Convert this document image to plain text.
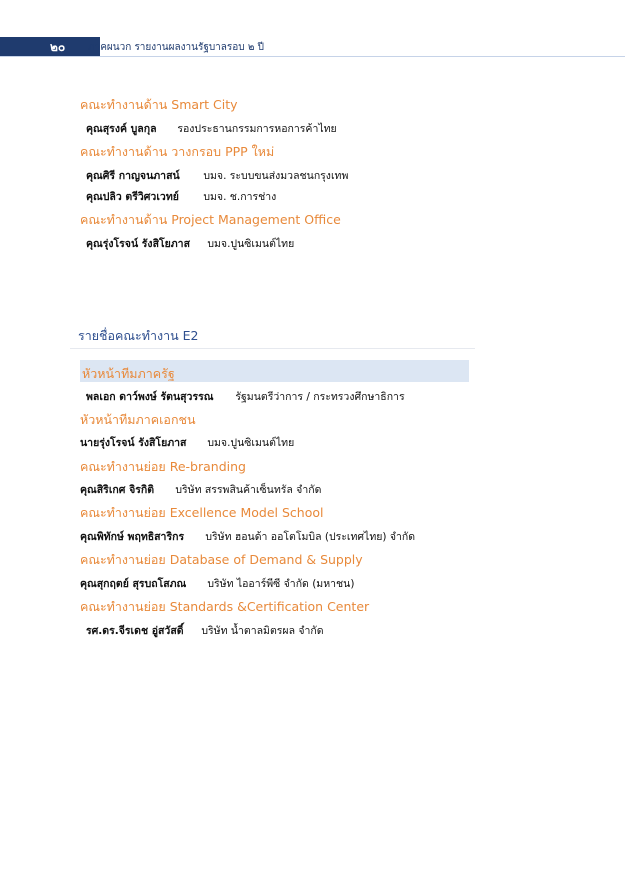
๒๐ ภาคผนวก รายงานผลงานรัฐบาลรอบ ๒ ปี
คณะทำงานด้าน Smart City
คุณสุรงค์ บูลกุล รองประธานกรรมการหอการค้าไทย
คณะทำงานด้าน วางกรอบ PPP ใหม่
คุณศิรี กาญจนภาสน์ บมจ. ระบบขนส่งมวลชนกรุงเทพ
คุณปลิว ตรีวิศวเวทย์ บมจ. ช.การช่าง
คณะทำงานด้าน Project Management Office
คุณรุ่งโรจน์ รังสิโยภาส บมจ.ปูนซิเมนต์ไทย
รายชื่อคณะทำงาน E2
หัวหน้าทีมภาครัฐ
พลเอก ดาว์พงษ์ รัตนสุวรรณ รัฐมนตรีว่าการ / กระทรวงศึกษาธิการ
หัวหน้าทีมภาคเอกชน
นายรุ่งโรจน์ รังสิโยภาส บมจ.ปูนซิเมนต์ไทย
คณะทำงานย่อย Re-branding
คุณสิริเกศ จิรกิติ บริษัท สรรพสินค้าเซ็นทรัล จำกัด
คณะทำงานย่อย Excellence Model School
คุณพิทักษ์ พฤทธิสาริกร บริษัท ฮอนด้า ออโตโมบิล (ประเทศไทย) จำกัด
คณะทำงานย่อย Database of Demand & Supply
คุณสุกฤตย์ สุรบถโสภณ บริษัท ไออาร์พีซี จำกัด (มหาชน)
คณะทำงานย่อย Standards &Certification Center
รศ.ดร.จีรเดช อู่สวัสดิ์ บริษัท น้ำตาลมิตรผล จำกัด
